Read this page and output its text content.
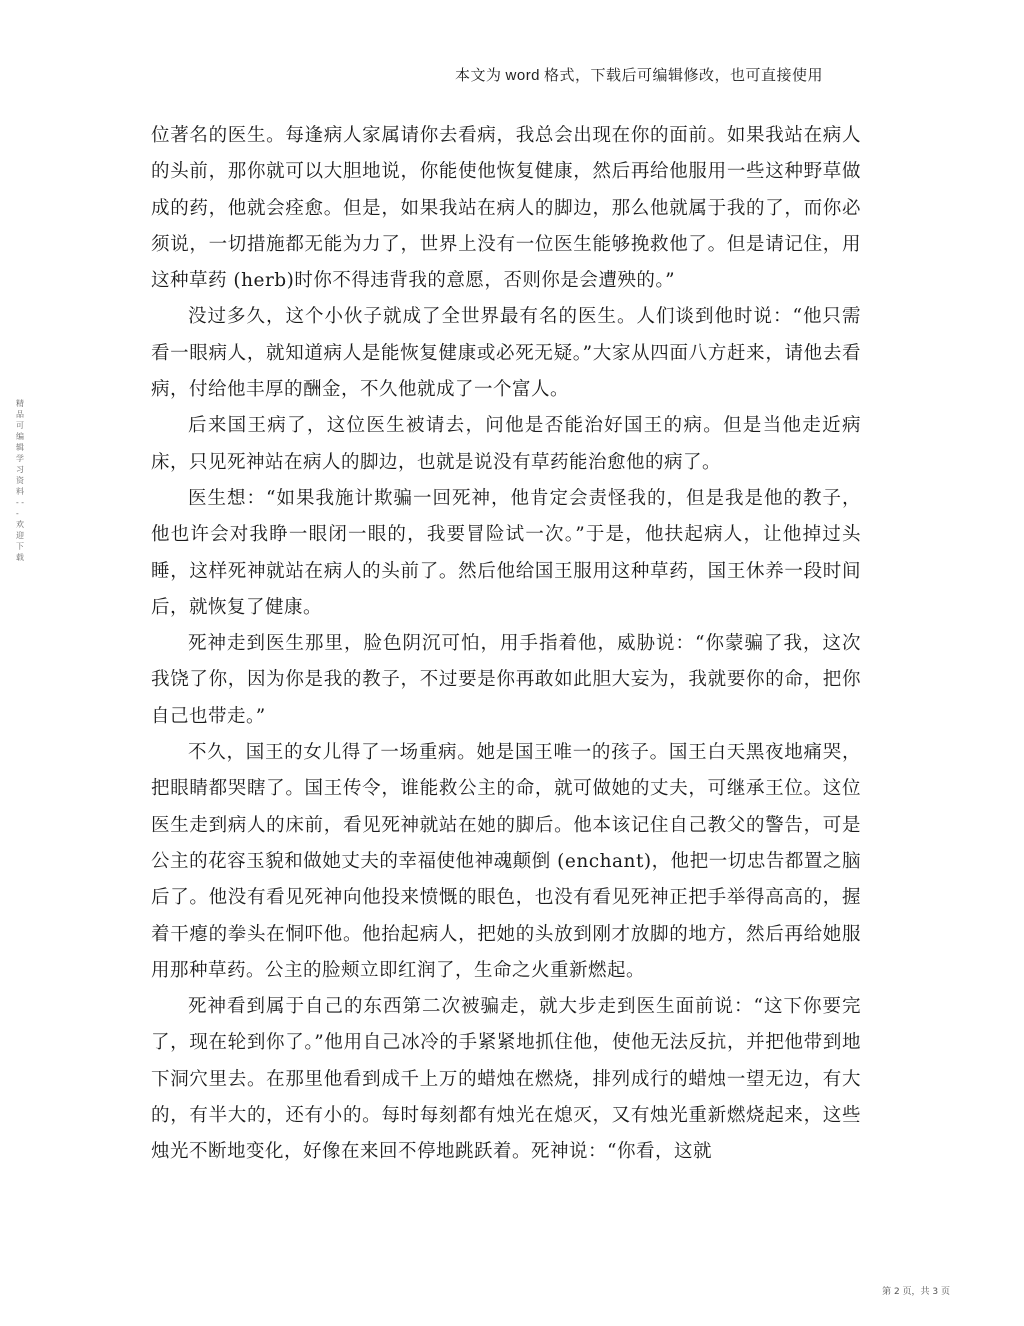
本文为 word 格式，下载后可编辑修改，也可直接使用
精品可编辑学习资料 - - - 欢迎下载

位著名的医生。每逢病人家属请你去看病，我总会出现在你的面前。如果我站在病人的头前，那你就可以大胆地说，你能使他恢复健康，然后再给他服用一些这种野草做成的药，他就会痊愈。但是，如果我站在病人的脚边，那么他就属于我的了，而你必须说，一切措施都无能为力了，世界上没有一位医生能够挽救他了。但是请记住，用这种草药 (herb)时你不得违背我的意愿，否则你是会遭殃的。”

没过多久，这个小伙子就成了全世界最有名的医生。人们谈到他时说：“他只需看一眼病人，就知道病人是能恢复健康或必死无疑。”大家从四面八方赶来，请他去看病，付给他丰厚的酬金，不久他就成了一个富人。

后来国王病了，这位医生被请去，问他是否能治好国王的病。但是当他走近病床，只见死神站在病人的脚边，也就是说没有草药能治愈他的病了。

医生想：“如果我施计欺骗一回死神，他肯定会责怪我的，但是我是他的教子，他也许会对我睁一眼闭一眼的，我要冒险试一次。”于是，他扶起病人，让他掉过头睡，这样死神就站在病人的头前了。然后他给国王服用这种草药，国王休养一段时间后，就恢复了健康。

死神走到医生那里，脸色阴沉可怕，用手指着他，威胁说：“你蒙骗了我，这次我饶了你，因为你是我的教子，不过要是你再敢如此胆大妄为，我就要你的命，把你自己也带走。”

不久，国王的女儿得了一场重病。她是国王唯一的孩子。国王白天黑夜地痛哭，把眼睛都哭瞎了。国王传令，谁能救公主的命，就可做她的丈夫，可继承王位。这位医生走到病人的床前，看见死神就站在她的脚后。他本该记住自己教父的警告，可是公主的花容玉貌和做她丈夫的幸福使他神魂颠倒 (enchant)，他把一切忠告都置之脑后了。他没有看见死神向他投来愤慨的眼色，也没有看见死神正把手举得高高的，握着干瘪的拳头在恫吓他。他抬起病人，把她的头放到刚才放脚的地方，然后再给她服用那种草药。公主的脸颊立即红润了，生命之火重新燃起。

死神看到属于自己的东西第二次被骗走，就大步走到医生面前说：“这下你要完了，现在轮到你了。”他用自己冰冷的手紧紧地抓住他，使他无法反抗，并把他带到地下洞穴里去。在那里他看到成千上万的蜡烛在燃烧，排列成行的蜡烛一望无边，有大的，有半大的，还有小的。每时每刻都有烛光在熄灭，又有烛光重新燃烧起来，这些烛光不断地变化，好像在来回不停地跳跃着。死神说：“你看，这就

第 2 页，共 3 页
